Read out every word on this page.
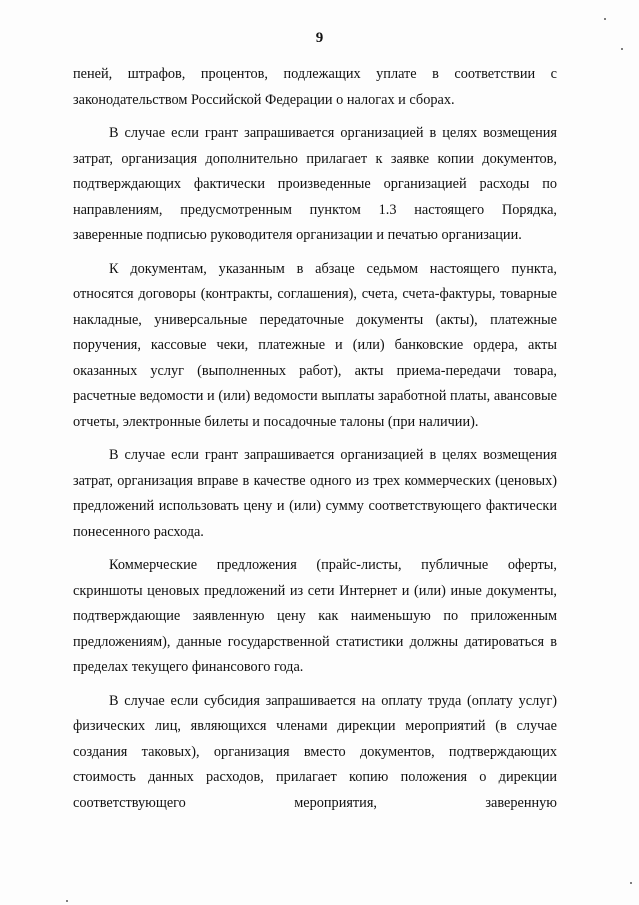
9

пеней, штрафов, процентов, подлежащих уплате в соответствии с законодательством Российской Федерации о налогах и сборах.

В случае если грант запрашивается организацией в целях возмещения затрат, организация дополнительно прилагает к заявке копии документов, подтверждающих фактически произведенные организацией расходы по направлениям, предусмотренным пунктом 1.3 настоящего Порядка, заверенные подписью руководителя организации и печатью организации.

К документам, указанным в абзаце седьмом настоящего пункта, относятся договоры (контракты, соглашения), счета, счета-фактуры, товарные накладные, универсальные передаточные документы (акты), платежные поручения, кассовые чеки, платежные и (или) банковские ордера, акты оказанных услуг (выполненных работ), акты приема-передачи товара, расчетные ведомости и (или) ведомости выплаты заработной платы, авансовые отчеты, электронные билеты и посадочные талоны (при наличии).

В случае если грант запрашивается организацией в целях возмещения затрат, организация вправе в качестве одного из трех коммерческих (ценовых) предложений использовать цену и (или) сумму соответствующего фактически понесенного расхода.

Коммерческие предложения (прайс-листы, публичные оферты, скриншоты ценовых предложений из сети Интернет и (или) иные документы, подтверждающие заявленную цену как наименьшую по приложенным предложениям), данные государственной статистики должны датироваться в пределах текущего финансового года.

В случае если субсидия запрашивается на оплату труда (оплату услуг) физических лиц, являющихся членами дирекции мероприятий (в случае создания таковых), организация вместо документов, подтверждающих стоимость данных расходов, прилагает копию положения о дирекции соответствующего мероприятия, заверенную
